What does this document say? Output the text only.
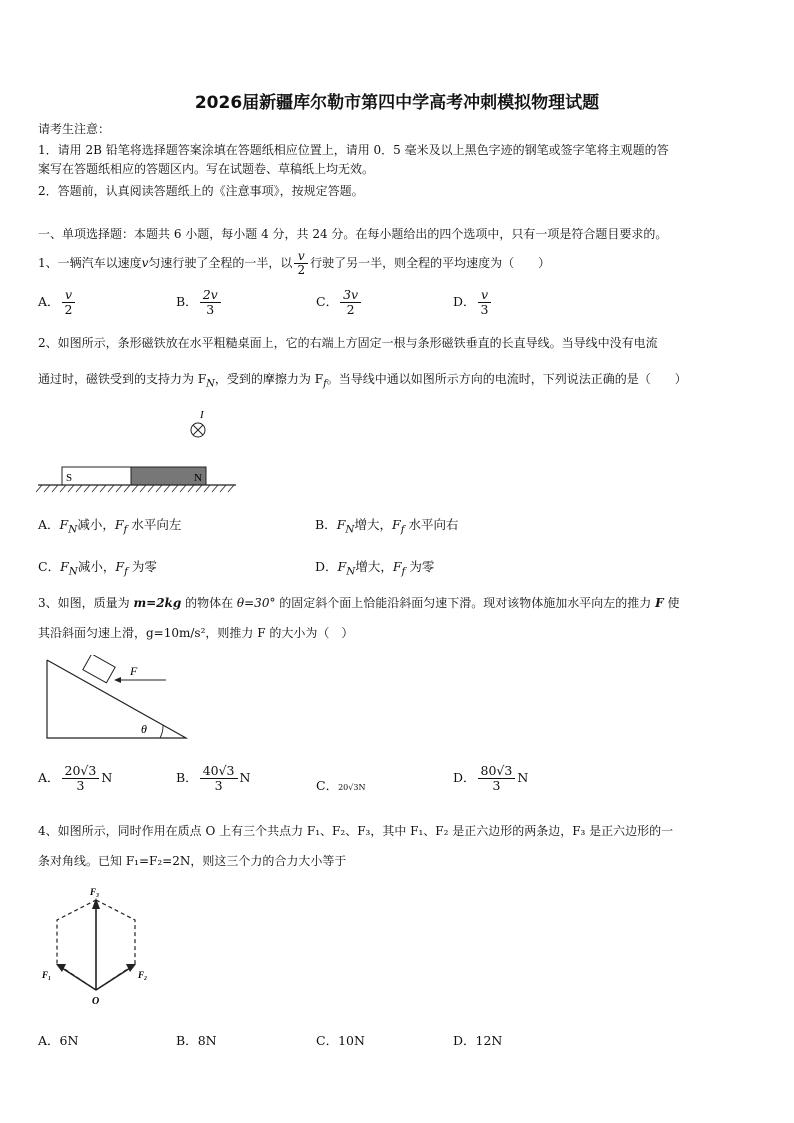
2026届新疆库尔勒市第四中学高考冲刺模拟物理试题
请考生注意：
1．请用 2B 铅笔将选择题答案涂填在答题纸相应位置上，请用 0．5 毫米及以上黑色字迹的钢笔或签字笔将主观题的答
案写在答题纸相应的答题区内。写在试题卷、草稿纸上均无效。
2．答题前，认真阅读答题纸上的《注意事项》，按规定答题。
一、单项选择题：本题共 6 小题，每小题 4 分，共 24 分。在每小题给出的四个选项中，只有一项是符合题目要求的。
1、一辆汽车以速度v匀速行驶了全程的一半，以 $\frac{v}{2}$ 行驶了另一半，则全程的平均速度为（　　）
A． $\frac{v}{2}$	B． $\frac{2v}{3}$	C． $\frac{3v}{2}$	D． $\frac{v}{3}$
2、如图所示，条形磁铁放在水平粗糙桌面上，它的右端上方固定一根与条形磁铁垂直的长直导线。当导线中没有电流
通过时，磁铁受到的支持力为 $F_N$，受到的摩擦力为 $F_f$。当导线中通以如图所示方向的电流时，下列说法正确的是（　　）
I
S	N
A．$F_N$减小，$F_f$ 水平向左	B．$F_N$增大，$F_f$ 水平向右
C．$F_N$减小，$F_f$ 为零	D．$F_N$增大，$F_f$ 为零
3、如图，质量为 m=2kg 的物体在 θ=30° 的固定斜个面上恰能沿斜面匀速下滑。现对该物体施加水平向左的推力 F 使
其沿斜面匀速上滑，g=10m/s²，则推力 F 的大小为（　）
F
θ
A． $\frac{20√3}{3}$ N	B． $\frac{40√3}{3}$ N
C．20√3N
D． $\frac{80√3}{3}$ N
4、如图所示，同时作用在质点 O 上有三个共点力 F₁、F₂、F₃，其中 F₁、F₂ 是正六边形的两条边，F₃ 是正六边形的一
条对角线。已知 F₁=F₂=2N，则这三个力的合力大小等于
F₃
F₁	F₂
O
A．6N	B．8N	C．10N	D．12N
